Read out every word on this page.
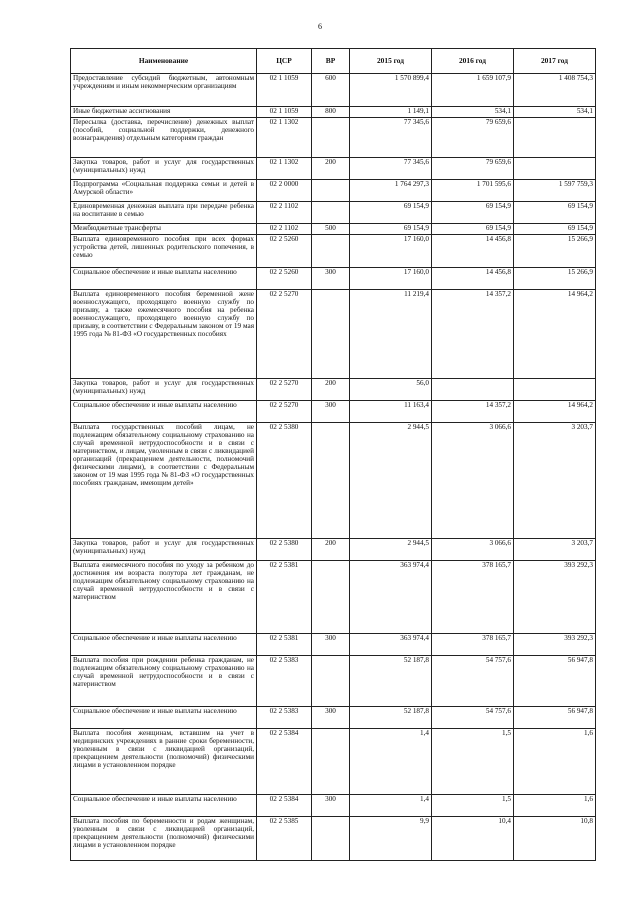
6
Наименование	ЦСР	ВР	2015 год	2016 год	2017 год
Предоставление субсидий бюджетным, автономным учреждениям и иным некоммерческим организациям	02 1 1059	600	1 570 899,4	1 659 107,9	1 408 754,3
Иные бюджетные ассигнования	02 1 1059	800	1 149,1	534,1	534,1
Пересылка (доставка, перечисление) денежных выплат (пособий, социальной поддержки, денежного вознаграждения) отдельным категориям граждан	02 1 1302		77 345,6	79 659,6	
Закупка товаров, работ и услуг для государственных (муниципальных) нужд	02 1 1302	200	77 345,6	79 659,6	
Подпрограмма «Социальная поддержка семьи и детей в Амурской области»	02 2 0000		1 764 297,3	1 701 595,6	1 597 759,3
Единовременная денежная выплата при передаче ребенка на воспитание в семью	02 2 1102		69 154,9	69 154,9	69 154,9
Межбюджетные трансферты	02 2 1102	500	69 154,9	69 154,9	69 154,9
Выплата единовременного пособия при всех формах устройства детей, лишенных родительского попечения, в семью	02 2 5260		17 160,0	14 456,8	15 266,9
Социальное обеспечение и иные выплаты населению	02 2 5260	300	17 160,0	14 456,8	15 266,9
Выплата единовременного пособия беременной жене военнослужащего, проходящего военную службу по призыву, а также ежемесячного пособия на ребенка военнослужащего, проходящего военную службу по призыву, в соответствии с Федеральным законом от 19 мая 1995 года № 81-ФЗ «О государственных пособиях	02 2 5270		11 219,4	14 357,2	14 964,2
Закупка товаров, работ и услуг для государственных (муниципальных) нужд	02 2 5270	200	56,0		
Социальное обеспечение и иные выплаты населению	02 2 5270	300	11 163,4	14 357,2	14 964,2
Выплата государственных пособий лицам, не подлежащим обязательному социальному страхованию на случай временной нетрудоспособности и в связи с материнством, и лицам, уволенным в связи с ликвидацией организаций (прекращением деятельности, полномочий физическими лицами), в соответствии с Федеральным законом от 19 мая 1995 года № 81-ФЗ «О государственных пособиях гражданам, имеющим детей»	02 2 5380		2 944,5	3 066,6	3 203,7
Закупка товаров, работ и услуг для государственных (муниципальных) нужд	02 2 5380	200	2 944,5	3 066,6	3 203,7
Выплата ежемесячного пособия по уходу за ребенком до достижения им возраста полутора лет гражданам, не подлежащим обязательному социальному страхованию на случай временной нетрудоспособности и в связи с материнством	02 2 5381		363 974,4	378 165,7	393 292,3
Социальное обеспечение и иные выплаты населению	02 2 5381	300	363 974,4	378 165,7	393 292,3
Выплата пособия при рождении ребенка гражданам, не подлежащим обязательному социальному страхованию на случай временной нетрудоспособности и в связи с материнством	02 2 5383		52 187,8	54 757,6	56 947,8
Социальное обеспечение и иные выплаты населению	02 2 5383	300	52 187,8	54 757,6	56 947,8
Выплата пособия женщинам, вставшим на учет в медицинских учреждениях в ранние сроки беременности, уволенным в связи с ликвидацией организаций, прекращением деятельности (полномочий) физическими лицами в установленном порядке	02 2 5384		1,4	1,5	1,6
Социальное обеспечение и иные выплаты населению	02 2 5384	300	1,4	1,5	1,6
Выплата пособия по беременности и родам женщинам, уволенным в связи с ликвидацией организаций, прекращением деятельности (полномочий) физическими лицами в установленном порядке	02 2 5385		9,9	10,4	10,8
